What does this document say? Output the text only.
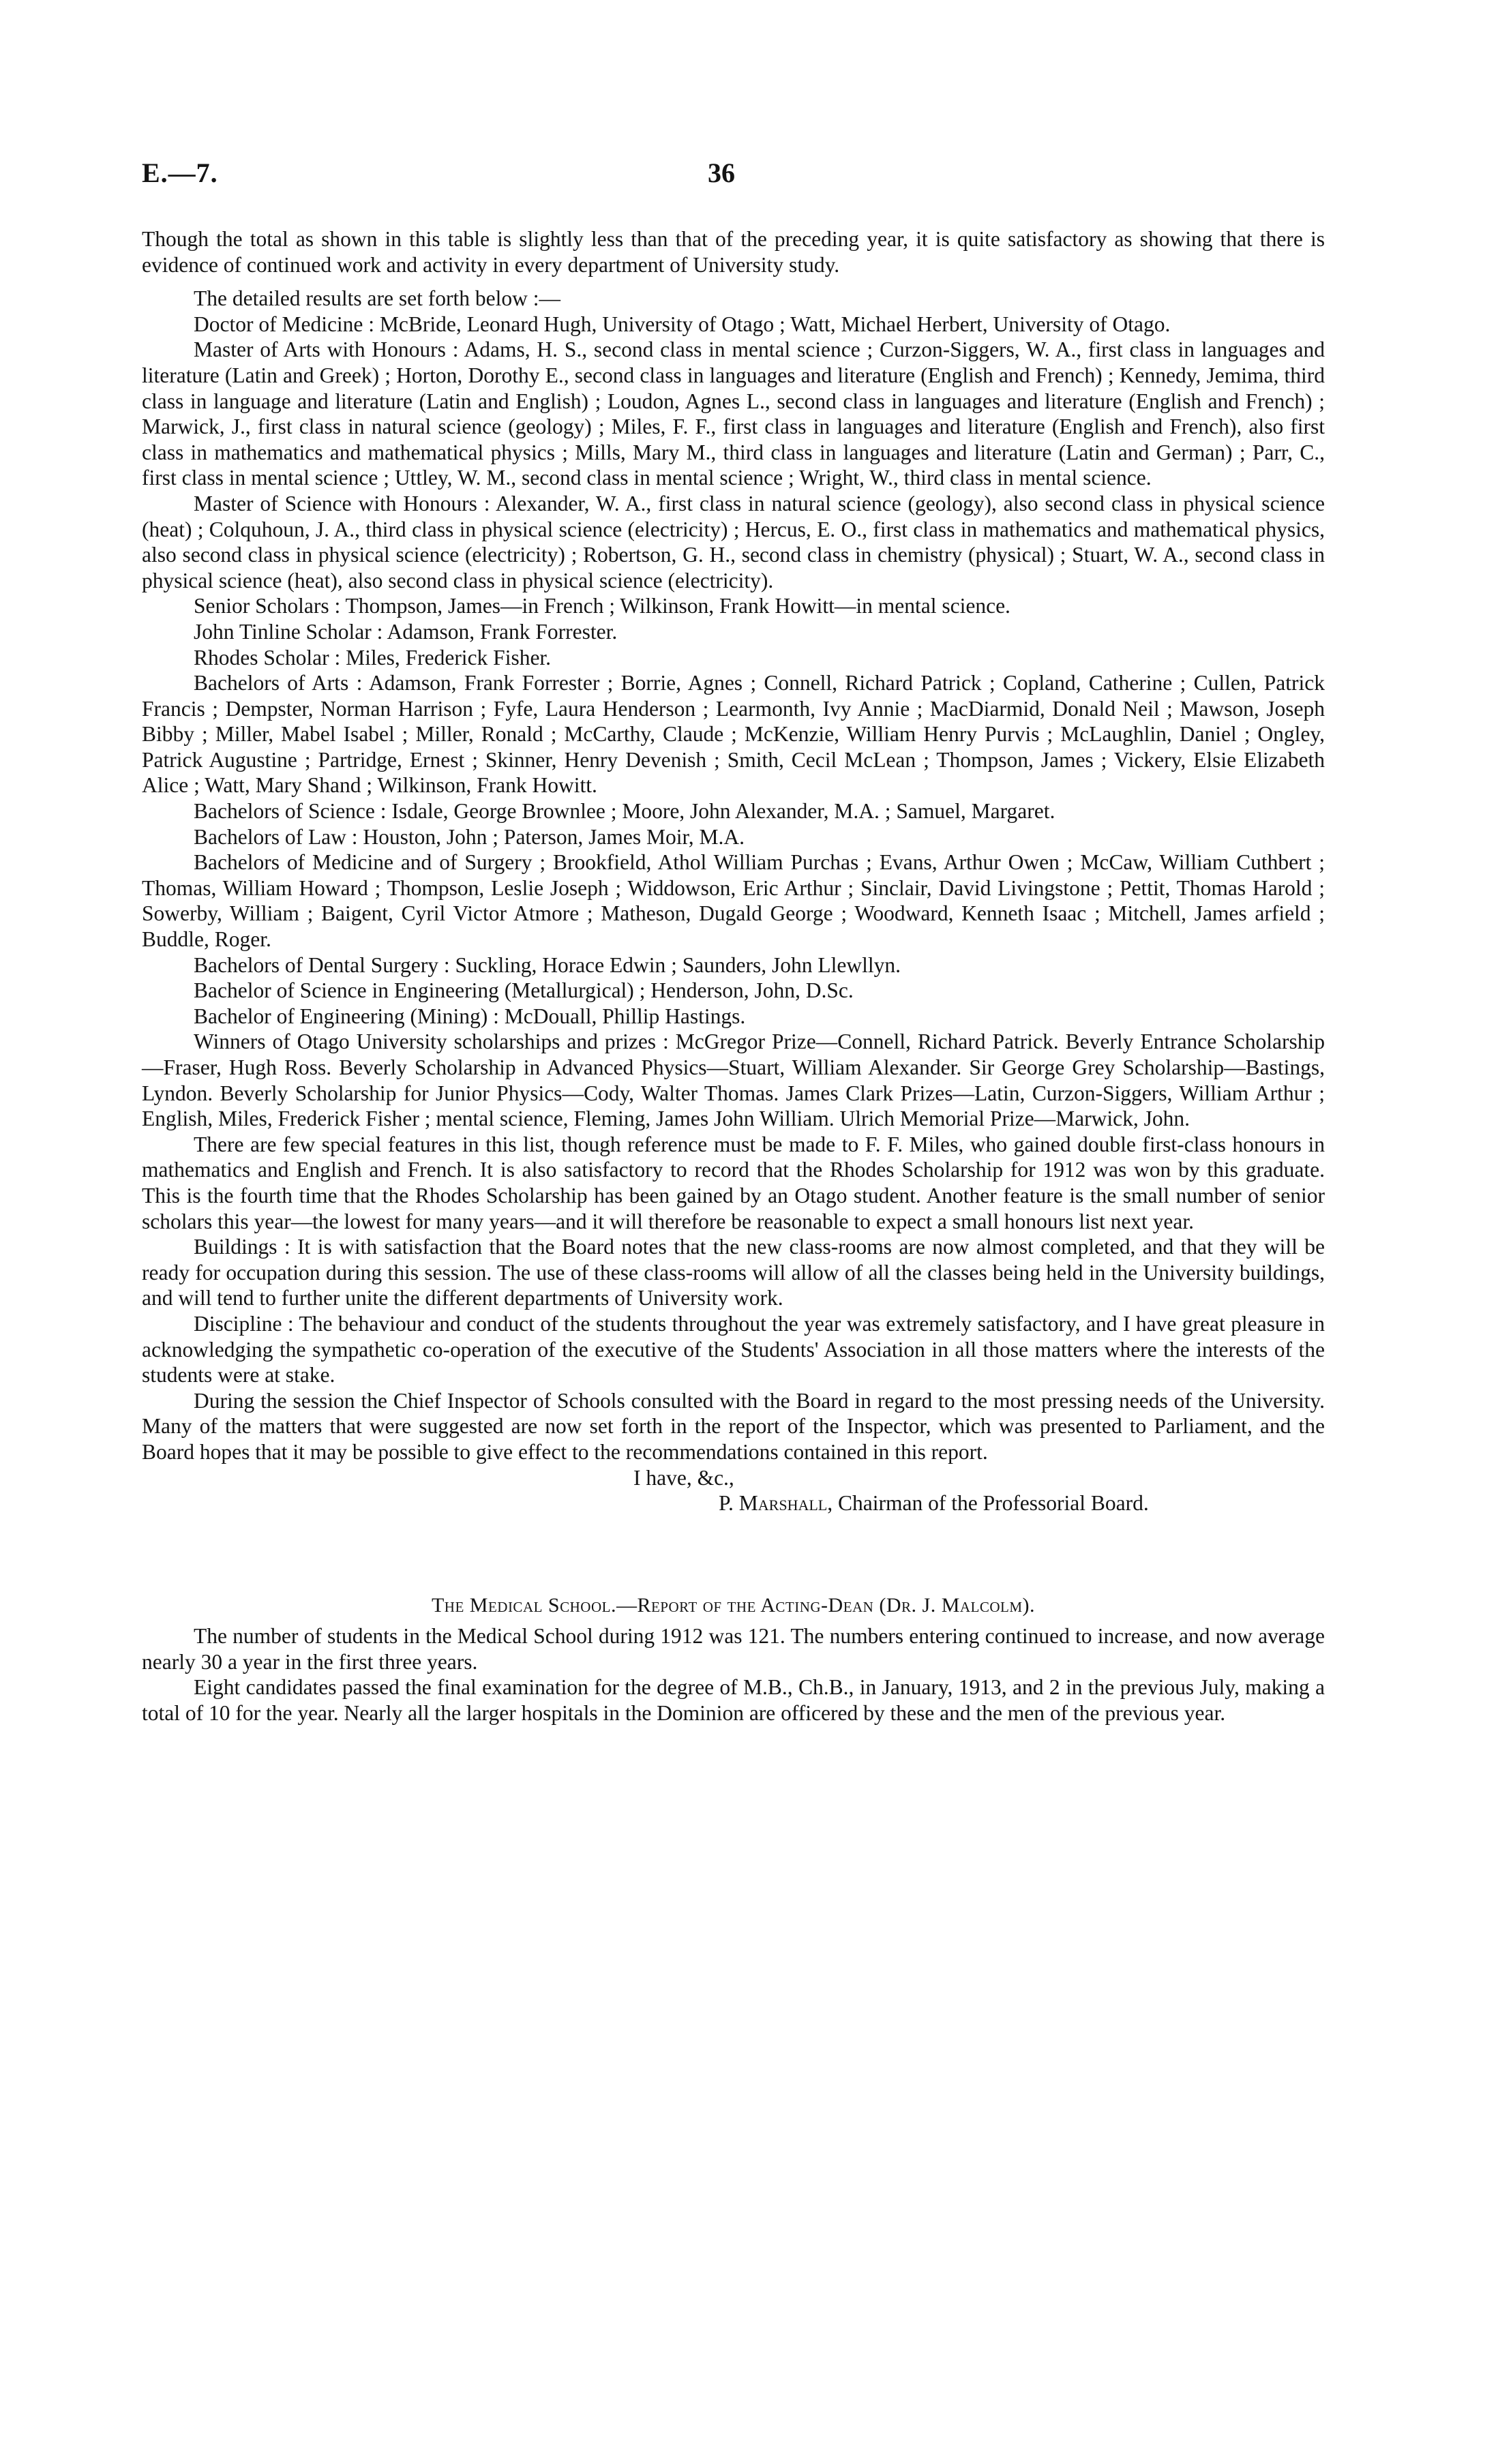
E.—7.	36

Though the total as shown in this table is slightly less than that of the preceding year, it is quite satisfactory as showing that there is evidence of continued work and activity in every department of University study.

The detailed results are set forth below :—

Doctor of Medicine : McBride, Leonard Hugh, University of Otago ; Watt, Michael Herbert, University of Otago.

Master of Arts with Honours : Adams, H. S., second class in mental science ; Curzon-Siggers, W. A., first class in languages and literature (Latin and Greek) ; Horton, Dorothy E., second class in languages and literature (English and French) ; Kennedy, Jemima, third class in language and literature (Latin and English) ; Loudon, Agnes L., second class in languages and literature (English and French) ; Marwick, J., first class in natural science (geology) ; Miles, F. F., first class in languages and literature (English and French), also first class in mathematics and mathematical physics ; Mills, Mary M., third class in languages and literature (Latin and German) ; Parr, C., first class in mental science ; Uttley, W. M., second class in mental science ; Wright, W., third class in mental science.

Master of Science with Honours : Alexander, W. A., first class in natural science (geology), also second class in physical science (heat) ; Colquhoun, J. A., third class in physical science (electricity) ; Hercus, E. O., first class in mathematics and mathematical physics, also second class in physical science (electricity) ; Robertson, G. H., second class in chemistry (physical) ; Stuart, W. A., second class in physical science (heat), also second class in physical science (electricity).

Senior Scholars : Thompson, James—in French ; Wilkinson, Frank Howitt—in mental science.

John Tinline Scholar : Adamson, Frank Forrester.

Rhodes Scholar : Miles, Frederick Fisher.

Bachelors of Arts : Adamson, Frank Forrester ; Borrie, Agnes ; Connell, Richard Patrick ; Copland, Catherine ; Cullen, Patrick Francis ; Dempster, Norman Harrison ; Fyfe, Laura Henderson ; Learmonth, Ivy Annie ; MacDiarmid, Donald Neil ; Mawson, Joseph Bibby ; Miller, Mabel Isabel ; Miller, Ronald ; McCarthy, Claude ; McKenzie, William Henry Purvis ; McLaughlin, Daniel ; Ongley, Patrick Augustine ; Partridge, Ernest ; Skinner, Henry Devenish ; Smith, Cecil McLean ; Thompson, James ; Vickery, Elsie Elizabeth Alice ; Watt, Mary Shand ; Wilkinson, Frank Howitt.

Bachelors of Science : Isdale, George Brownlee ; Moore, John Alexander, M.A. ; Samuel, Margaret.

Bachelors of Law : Houston, John ; Paterson, James Moir, M.A.

Bachelors of Medicine and of Surgery ; Brookfield, Athol William Purchas ; Evans, Arthur Owen ; McCaw, William Cuthbert ; Thomas, William Howard ; Thompson, Leslie Joseph ; Widdowson, Eric Arthur ; Sinclair, David Livingstone ; Pettit, Thomas Harold ; Sowerby, William ; Baigent, Cyril Victor Atmore ; Matheson, Dugald George ; Woodward, Kenneth Isaac ; Mitchell, James arfield ; Buddle, Roger.

Bachelors of Dental Surgery : Suckling, Horace Edwin ; Saunders, John Llewllyn.

Bachelor of Science in Engineering (Metallurgical) ; Henderson, John, D.Sc.

Bachelor of Engineering (Mining) : McDouall, Phillip Hastings.

Winners of Otago University scholarships and prizes : McGregor Prize—Connell, Richard Patrick. Beverly Entrance Scholarship—Fraser, Hugh Ross. Beverly Scholarship in Advanced Physics—Stuart, William Alexander. Sir George Grey Scholarship—Bastings, Lyndon. Beverly Scholarship for Junior Physics—Cody, Walter Thomas. James Clark Prizes—Latin, Curzon-Siggers, William Arthur ; English, Miles, Frederick Fisher ; mental science, Fleming, James John William. Ulrich Memorial Prize—Marwick, John.

There are few special features in this list, though reference must be made to F. F. Miles, who gained double first-class honours in mathematics and English and French. It is also satisfactory to record that the Rhodes Scholarship for 1912 was won by this graduate. This is the fourth time that the Rhodes Scholarship has been gained by an Otago student. Another feature is the small number of senior scholars this year—the lowest for many years—and it will therefore be reasonable to expect a small honours list next year.

Buildings : It is with satisfaction that the Board notes that the new class-rooms are now almost completed, and that they will be ready for occupation during this session. The use of these class-rooms will allow of all the classes being held in the University buildings, and will tend to further unite the different departments of University work.

Discipline : The behaviour and conduct of the students throughout the year was extremely satisfactory, and I have great pleasure in acknowledging the sympathetic co-operation of the executive of the Students' Association in all those matters where the interests of the students were at stake.

During the session the Chief Inspector of Schools consulted with the Board in regard to the most pressing needs of the University. Many of the matters that were suggested are now set forth in the report of the Inspector, which was presented to Parliament, and the Board hopes that it may be possible to give effect to the recommendations contained in this report.

I have, &c.,

P. Marshall, Chairman of the Professorial Board.

The Medical School.—Report of the Acting-Dean (Dr. J. Malcolm).

The number of students in the Medical School during 1912 was 121. The numbers entering continued to increase, and now average nearly 30 a year in the first three years.

Eight candidates passed the final examination for the degree of M.B., Ch.B., in January, 1913, and 2 in the previous July, making a total of 10 for the year. Nearly all the larger hospitals in the Dominion are officered by these and the men of the previous year.
